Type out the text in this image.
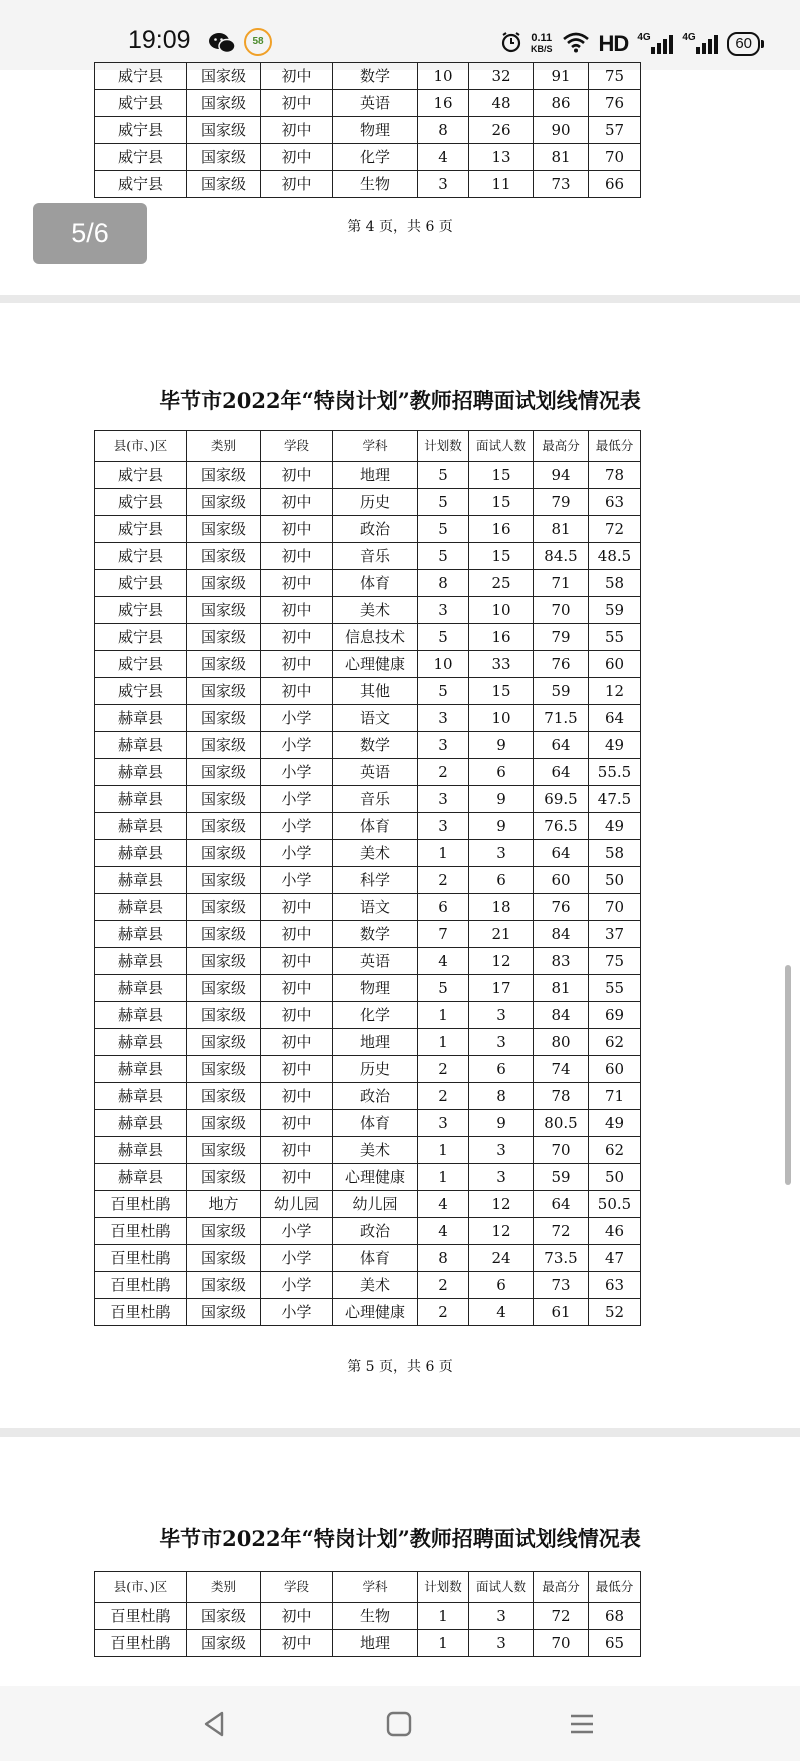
19:09	58	0.11
KB/S HD 4G	4G	60
威宁县	国家级	初中	数学	10	32	91	75
威宁县	国家级	初中	英语	16	48	86	76
威宁县	国家级	初中	物理	8	26	90	57
威宁县	国家级	初中	化学	4	13	81	70
威宁县	国家级	初中	生物	3	11	73	66
第 4 页，共 6 页
毕节市2022年“特岗计划”教师招聘面试划线情况表
县(市、)区	类别	学段	学科	计划数	面试人数	最高分	最低分
威宁县	国家级	初中	地理	5	15	94	78
威宁县	国家级	初中	历史	5	15	79	63
威宁县	国家级	初中	政治	5	16	81	72
威宁县	国家级	初中	音乐	5	15	84.5	48.5
威宁县	国家级	初中	体育	8	25	71	58
威宁县	国家级	初中	美术	3	10	70	59
威宁县	国家级	初中	信息技术	5	16	79	55
威宁县	国家级	初中	心理健康	10	33	76	60
威宁县	国家级	初中	其他	5	15	59	12
赫章县	国家级	小学	语文	3	10	71.5	64
赫章县	国家级	小学	数学	3	9	64	49
赫章县	国家级	小学	英语	2	6	64	55.5
赫章县	国家级	小学	音乐	3	9	69.5	47.5
赫章县	国家级	小学	体育	3	9	76.5	49
赫章县	国家级	小学	美术	1	3	64	58
赫章县	国家级	小学	科学	2	6	60	50
赫章县	国家级	初中	语文	6	18	76	70
赫章县	国家级	初中	数学	7	21	84	37
赫章县	国家级	初中	英语	4	12	83	75
赫章县	国家级	初中	物理	5	17	81	55
赫章县	国家级	初中	化学	1	3	84	69
赫章县	国家级	初中	地理	1	3	80	62
赫章县	国家级	初中	历史	2	6	74	60
赫章县	国家级	初中	政治	2	8	78	71
赫章县	国家级	初中	体育	3	9	80.5	49
赫章县	国家级	初中	美术	1	3	70	62
赫章县	国家级	初中	心理健康	1	3	59	50
百里杜鹃	地方	幼儿园	幼儿园	4	12	64	50.5
百里杜鹃	国家级	小学	政治	4	12	72	46
百里杜鹃	国家级	小学	体育	8	24	73.5	47
百里杜鹃	国家级	小学	美术	2	6	73	63
百里杜鹃	国家级	小学	心理健康	2	4	61	52
第 5 页，共 6 页
毕节市2022年“特岗计划”教师招聘面试划线情况表
县(市、)区	类别	学段	学科	计划数	面试人数	最高分	最低分
百里杜鹃	国家级	初中	生物	1	3	72	68
百里杜鹃	国家级	初中	地理	1	3	70	65
5/6
